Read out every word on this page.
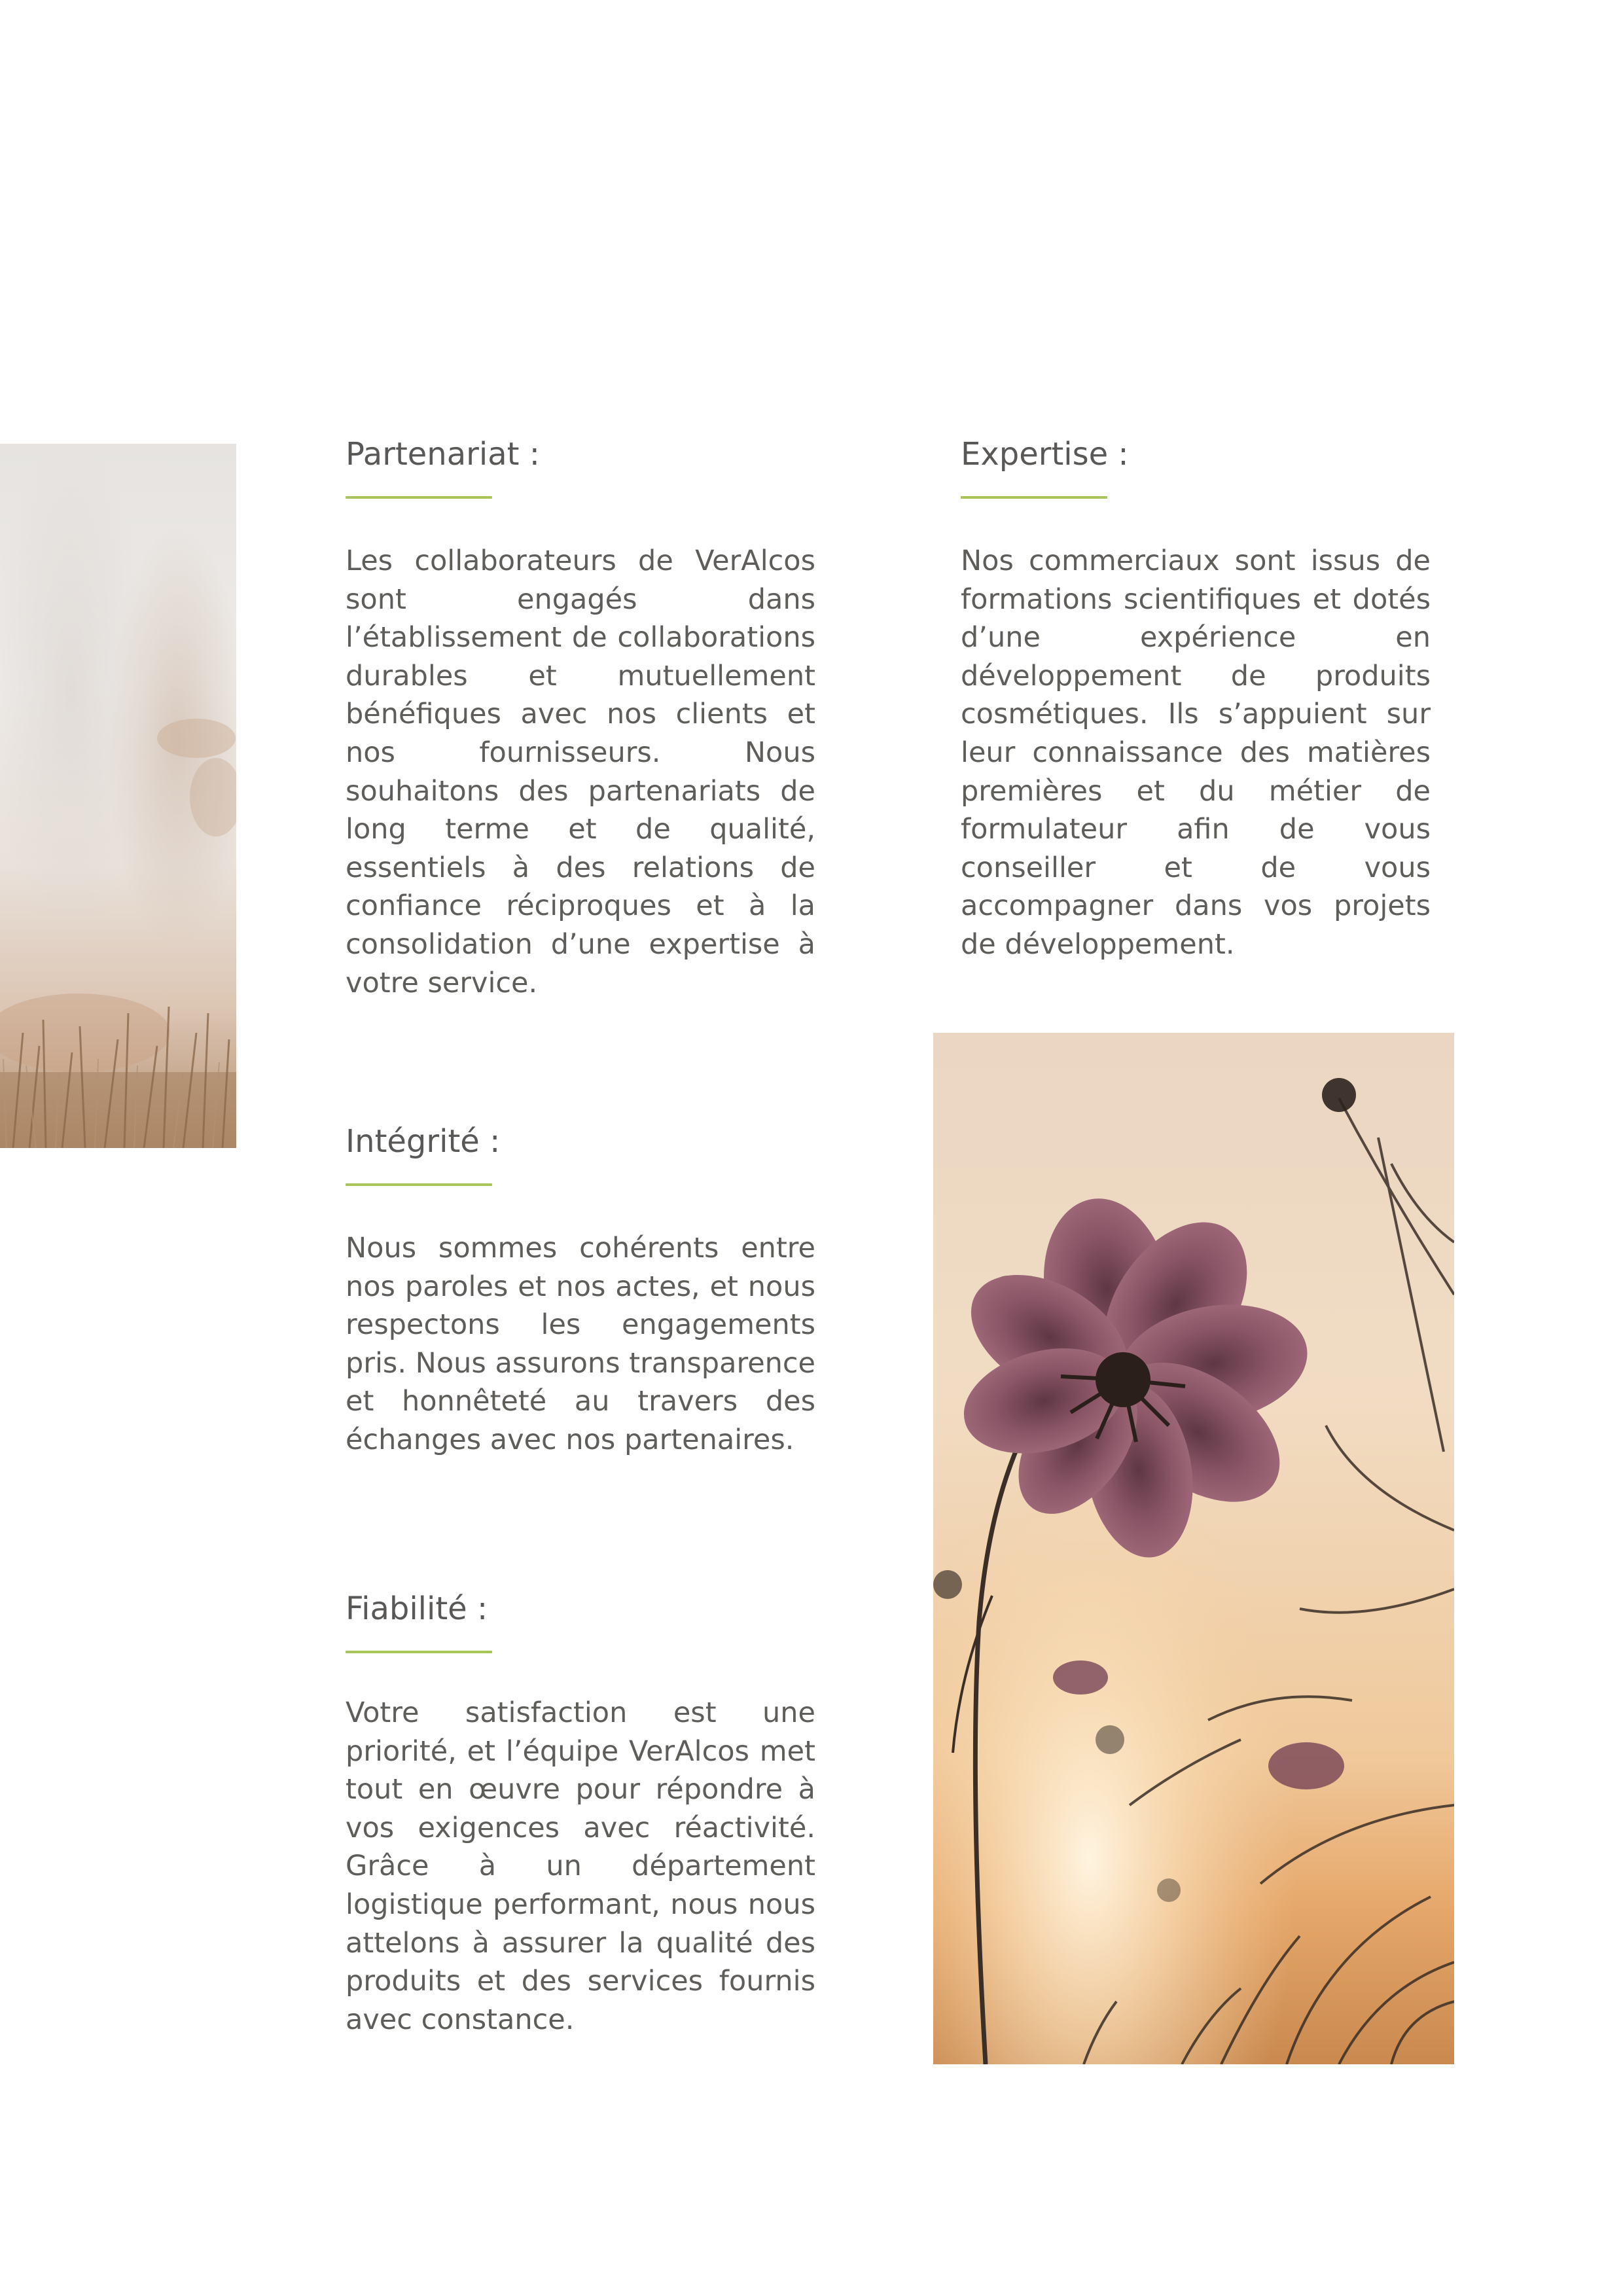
Partenariat :

Les collaborateurs de VerAlcos sont engagés dans l’établissement de collaborations durables et mutuellement bénéfiques avec nos clients et nos fournisseurs. Nous souhaitons des partenariats de long terme et de qualité, essentiels à des relations de confiance réciproques et à la consolidation d’une expertise à votre service.

Expertise :

Nos commerciaux sont issus de formations scientifiques et dotés d’une expérience en développement de produits cosmétiques. Ils s’appuient sur leur connaissance des matières premières et du métier de formulateur afin de vous conseiller et de vous accompagner dans vos projets de développement.

Intégrité :

Nous sommes cohérents entre nos paroles et nos actes, et nous respectons les engagements pris. Nous assurons transparence et honnêteté au travers des échanges avec nos partenaires.

Fiabilité :

Votre satisfaction est une priorité, et l’équipe VerAlcos met tout en œuvre pour répondre à vos exigences avec réactivité. Grâce à un département logistique performant, nous nous attelons à assurer la qualité des produits et des services fournis avec constance.
